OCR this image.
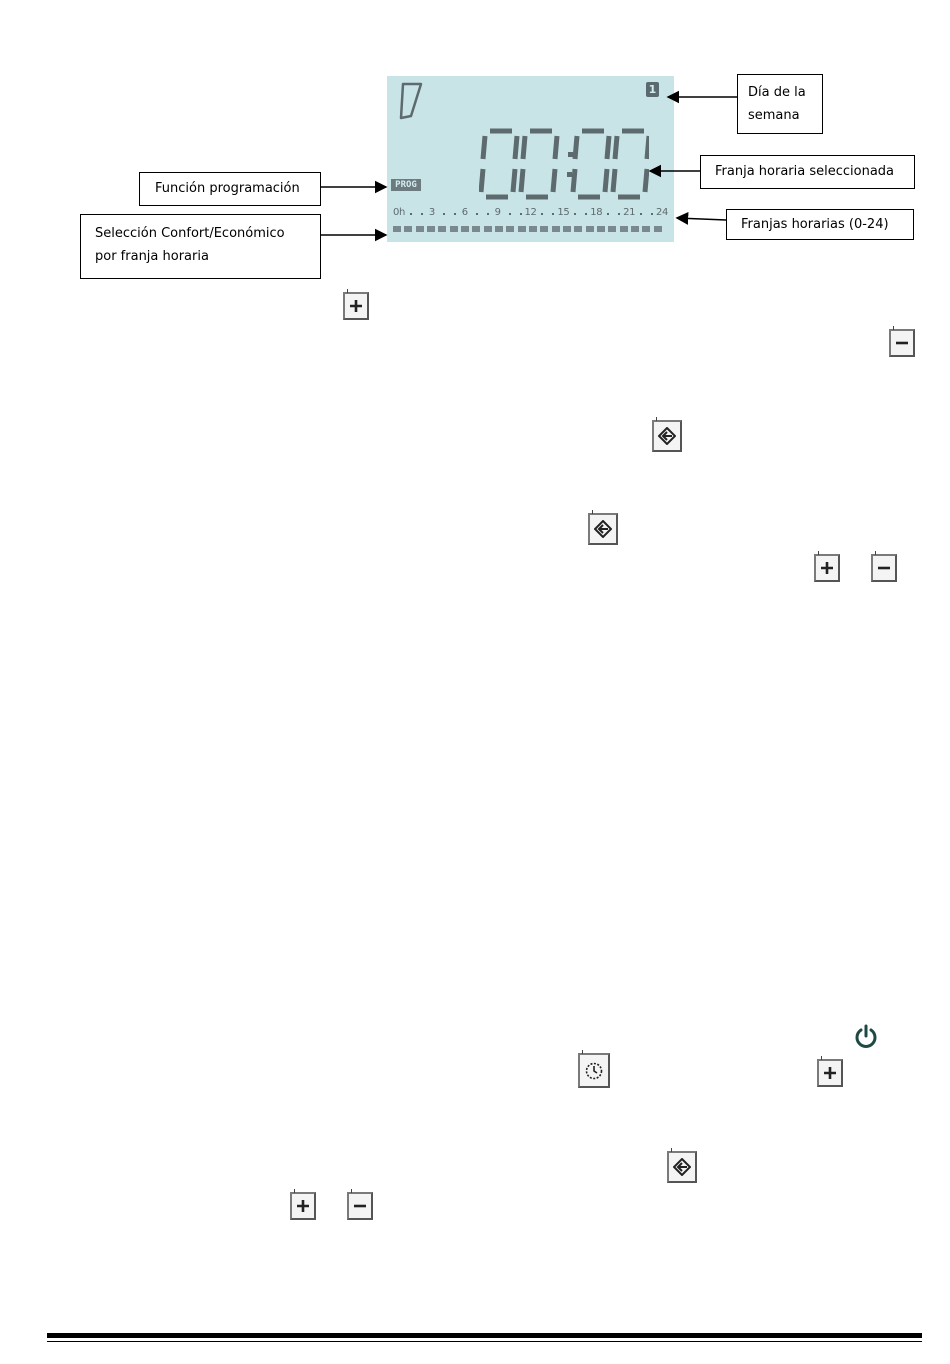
1
PROG
0h 3	6	9 12 15 18 21 24
Día de la
semana
Función programación
Franja horaria seleccionada
Selección Confort/Económico
por franja horaria
Franjas horarias (0-24)
